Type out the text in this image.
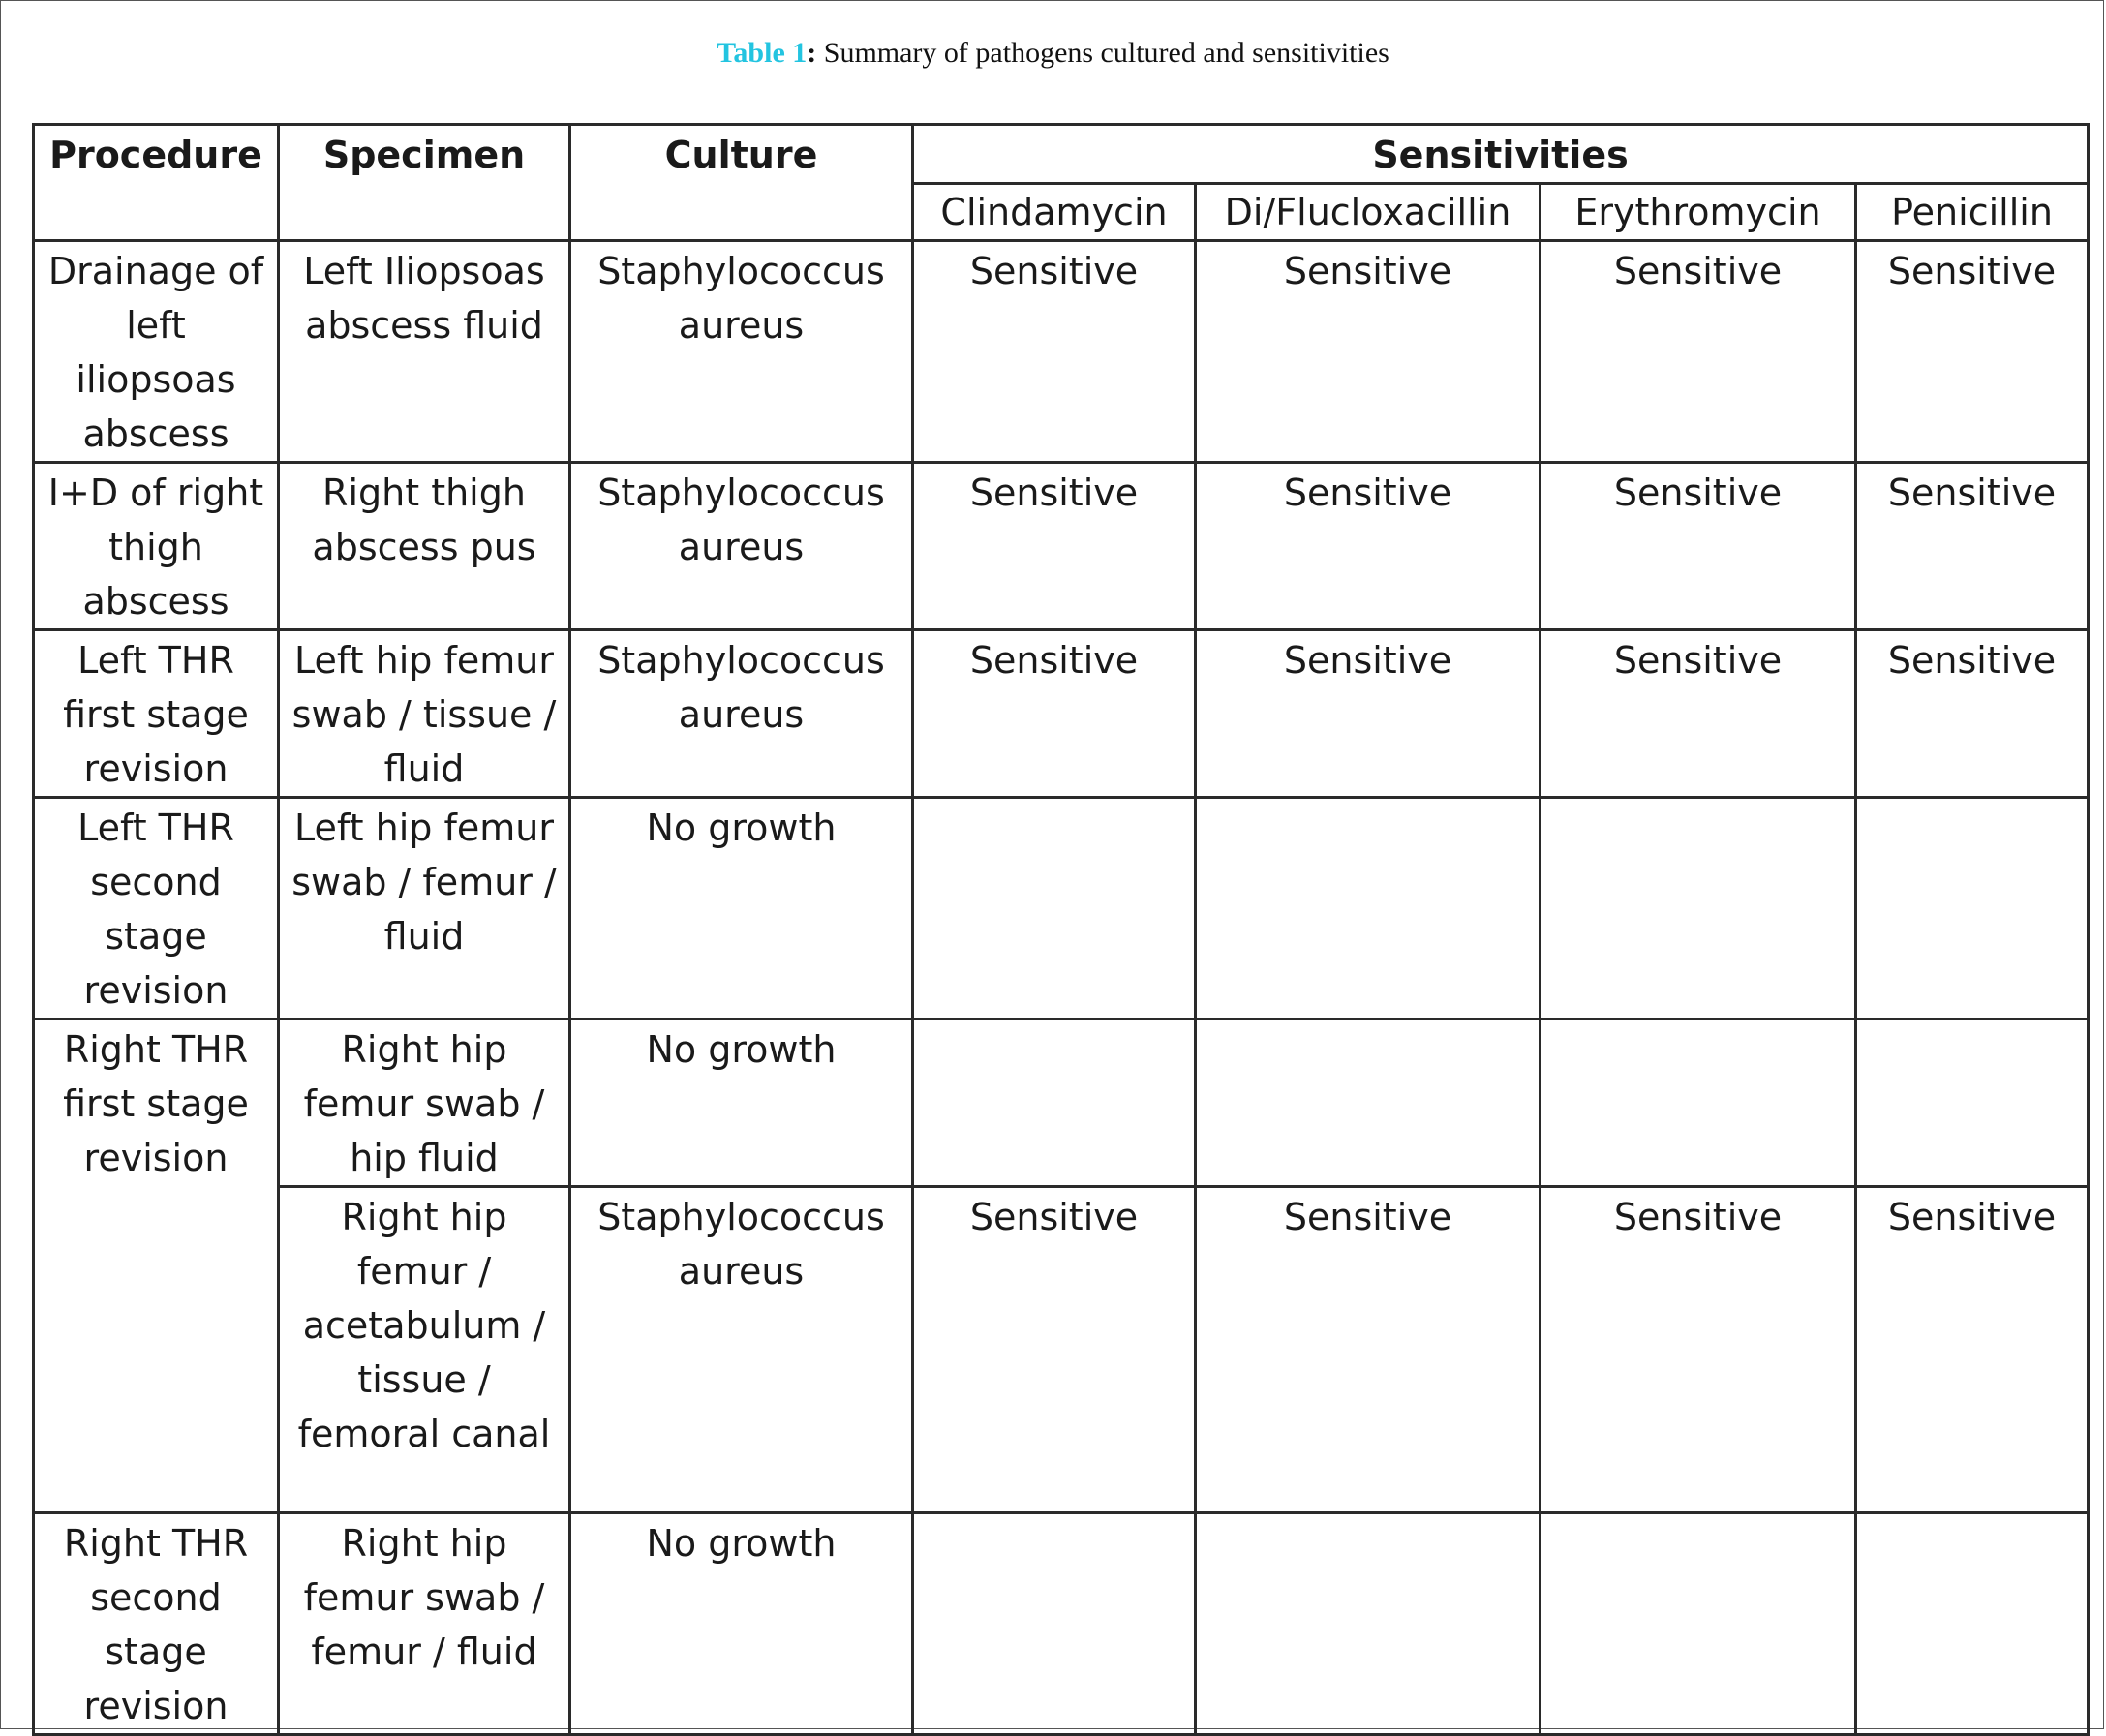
Table 1: Summary of pathogens cultured and sensitivities
Procedure	Specimen	Culture	Sensitivities			
			Clindamycin	Di/Flucloxacillin	Erythromycin	Penicillin
Drainage of left iliopsoas abscess	Left Iliopsoas abscess fluid	Staphylococcus aureus	Sensitive	Sensitive	Sensitive	Sensitive
I+D of right thigh abscess	Right thigh abscess pus	Staphylococcus aureus	Sensitive	Sensitive	Sensitive	Sensitive
Left THR first stage revision	Left hip femur swab / tissue / fluid	Staphylococcus aureus	Sensitive	Sensitive	Sensitive	Sensitive
Left THR second stage revision	Left hip femur swab / femur / fluid	No growth				
Right THR first stage revision	Right hip femur swab / hip fluid	No growth				
	Right hip femur / acetabulum / tissue / femoral canal	Staphylococcus aureus	Sensitive	Sensitive	Sensitive	Sensitive
Right THR second stage revision	Right hip femur swab / femur / fluid	No growth				
